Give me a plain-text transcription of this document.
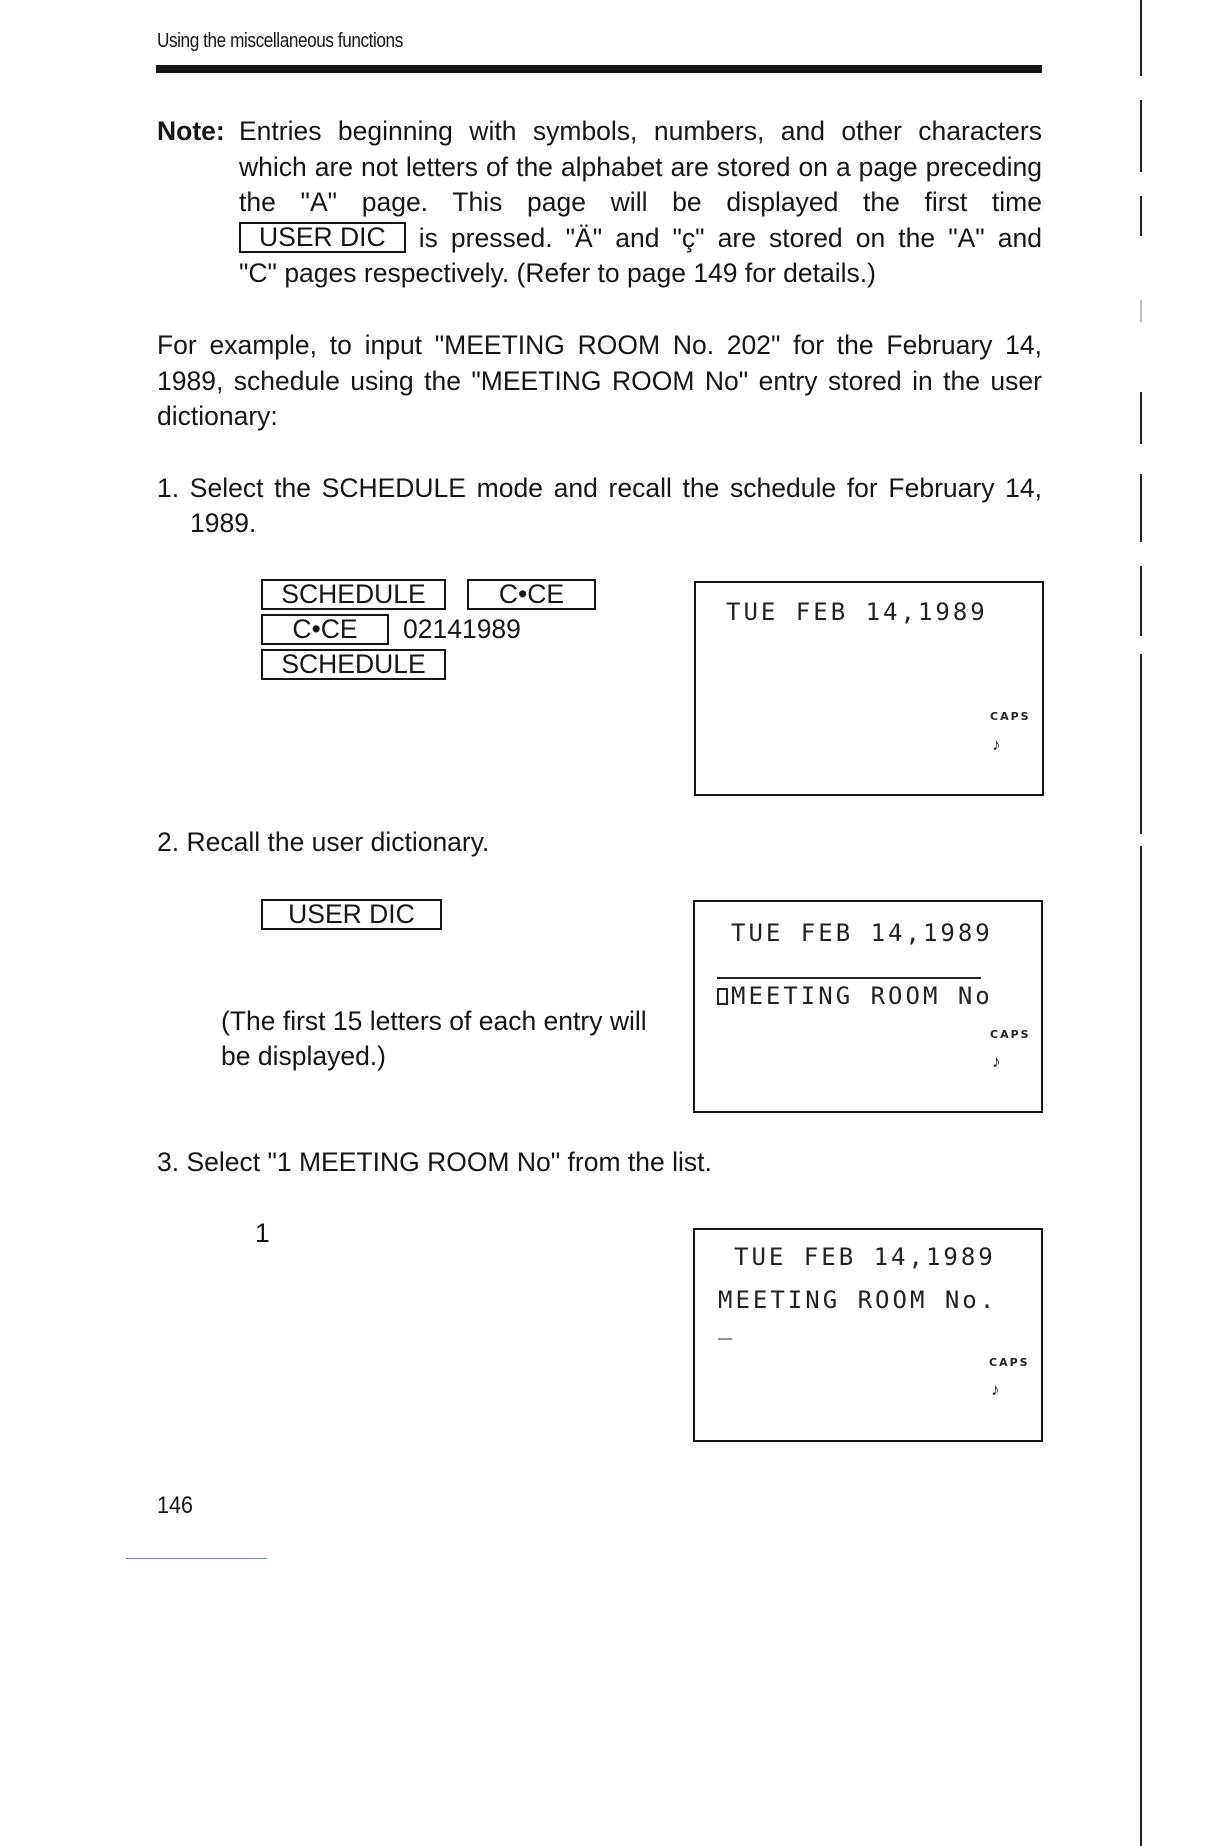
Using the miscellaneous functions
Note: Entries beginning with symbols, numbers, and other characters
which are not letters of the alphabet are stored on a page preceding
the "A" page. This page will be displayed the first time
USER DIC is pressed. "Ä" and "ç" are stored on the "A" and
"C" pages respectively. (Refer to page 149 for details.)
For example, to input "MEETING ROOM No. 202" for the February 14,
1989, schedule using the "MEETING ROOM No" entry stored in the user
dictionary:
1. Select the SCHEDULE mode and recall the schedule for February 14,
1989.
SCHEDULE	C•CE
C•CE	02141989
SCHEDULE
TUE FEB 14,1989
CAPS
♪
2. Recall the user dictionary.
USER DIC
(The first 15 letters of each entry will
be displayed.)
TUE FEB 14,1989
MEETING ROOM No
CAPS
♪
3. Select "1 MEETING ROOM No" from the list.
1
TUE FEB 14,1989
MEETING ROOM No.
_
CAPS
♪
146
